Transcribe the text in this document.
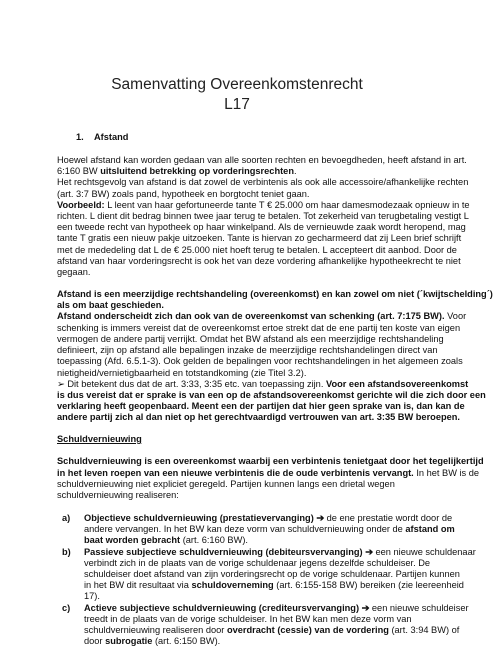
Samenvatting Overeenkomstenrecht
L17
1. Afstand
Hoewel afstand kan worden gedaan van alle soorten rechten en bevoegdheden, heeft afstand in art.
6:160 BW uitsluitend betrekking op vorderingsrechten.
Het rechtsgevolg van afstand is dat zowel de verbintenis als ook alle accessoire/afhankelijke rechten
(art. 3:7 BW) zoals pand, hypotheek en borgtocht teniet gaan.
Voorbeeld: L leent van haar gefortuneerde tante T € 25.000 om haar damesmodezaak opnieuw in te
richten. L dient dit bedrag binnen twee jaar terug te betalen. Tot zekerheid van terugbetaling vestigt L
een tweede recht van hypotheek op haar winkelpand. Als de vernieuwde zaak wordt heropend, mag
tante T gratis een nieuw pakje uitzoeken. Tante is hiervan zo gecharmeerd dat zij Leen brief schrijft
met de mededeling dat L de € 25.000 niet hoeft terug te betalen. L accepteert dit aanbod. Door de
afstand van haar vorderingsrecht is ook het van deze vordering afhankelijke hypotheekrecht te niet
gegaan.
Afstand is een meerzijdige rechtshandeling (overeenkomst) en kan zowel om niet (´kwijtschelding´)
als om baat geschieden.
Afstand onderscheidt zich dan ook van de overeenkomst van schenking (art. 7:175 BW). Voor
schenking is immers vereist dat de overeenkomst ertoe strekt dat de ene partij ten koste van eigen
vermogen de andere partij verrijkt. Omdat het BW afstand als een meerzijdige rechtshandeling
definieert, zijn op afstand alle bepalingen inzake de meerzijdige rechtshandelingen direct van
toepassing (Afd. 6.5.1-3). Ook gelden de bepalingen voor rechtshandelingen in het algemeen zoals
nietigheid/vernietigbaarheid en totstandkoming (zie Titel 3.2).
➢ Dit betekent dus dat de art. 3:33, 3:35 etc. van toepassing zijn. Voor een afstandsovereenkomst
is dus vereist dat er sprake is van een op de afstandsovereenkomst gerichte wil die zich door een
verklaring heeft geopenbaard. Meent een der partijen dat hier geen sprake van is, dan kan de
andere partij zich al dan niet op het gerechtvaardigd vertrouwen van art. 3:35 BW beroepen.
Schuldvernieuwing
Schuldvernieuwing is een overeenkomst waarbij een verbintenis tenietgaat door het tegelijkertijd
in het leven roepen van een nieuwe verbintenis die de oude verbintenis vervangt. In het BW is de
schuldvernieuwing niet expliciet geregeld. Partijen kunnen langs een drietal wegen
schuldvernieuwing realiseren:
a) Objectieve schuldvernieuwing (prestatievervanging) ➔ de ene prestatie wordt door de
andere vervangen. In het BW kan deze vorm van schuldvernieuwing onder de afstand om
baat worden gebracht (art. 6:160 BW).
b) Passieve subjectieve schuldvernieuwing (debiteursvervanging) ➔ een nieuwe schuldenaar
verbindt zich in de plaats van de vorige schuldenaar jegens dezelfde schuldeiser. De
schuldeiser doet afstand van zijn vorderingsrecht op de vorige schuldenaar. Partijen kunnen
in het BW dit resultaat via schuldoverneming (art. 6:155-158 BW) bereiken (zie leereenheid
17).
c) Actieve subjectieve schuldvernieuwing (crediteursvervanging) ➔ een nieuwe schuldeiser
treedt in de plaats van de vorige schuldeiser. In het BW kan men deze vorm van
schuldvernieuwing realiseren door overdracht (cessie) van de vordering (art. 3:94 BW) of
door subrogatie (art. 6:150 BW).
